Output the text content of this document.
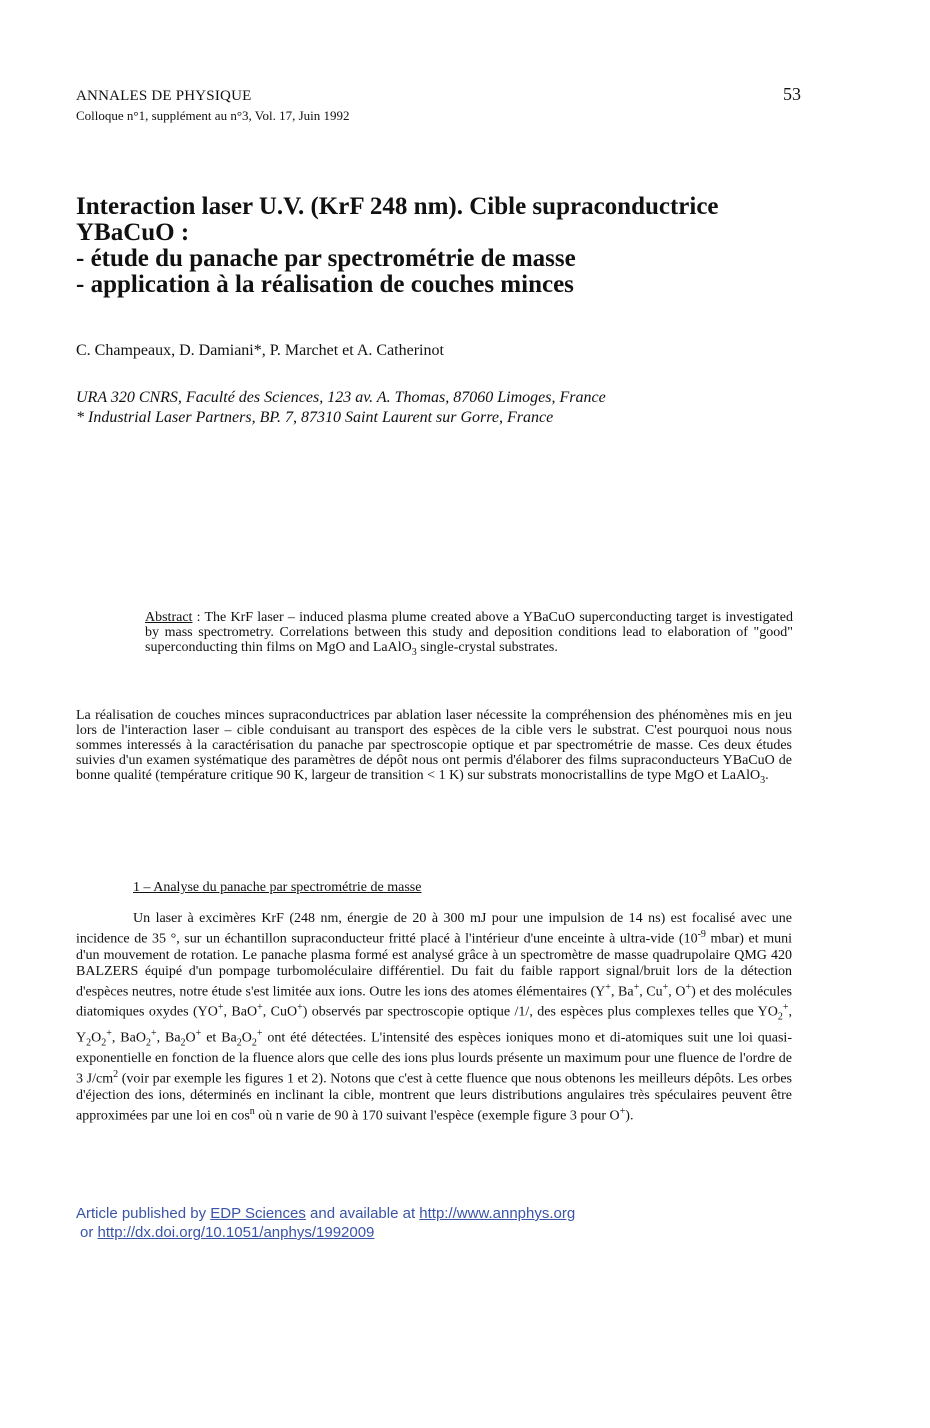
ANNALES DE PHYSIQUE
Colloque n°1, supplément au n°3, Vol. 17, Juin 1992
53
Interaction laser U.V. (KrF 248 nm). Cible supraconductrice
YBaCuO :
- étude du panache par spectrométrie de masse
- application à la réalisation de couches minces
C. Champeaux, D. Damiani*, P. Marchet et A. Catherinot
URA 320 CNRS, Faculté des Sciences, 123 av. A. Thomas, 87060 Limoges, France
* Industrial Laser Partners, BP. 7, 87310 Saint Laurent sur Gorre, France
Abstract : The KrF laser – induced plasma plume created above a YBaCuO superconducting target is investigated by mass spectrometry. Correlations between this study and deposition conditions lead to elaboration of "good" superconducting thin films on MgO and LaAlO$_3$ single-crystal substrates.
La réalisation de couches minces supraconductrices par ablation laser nécessite la compréhension des phénomènes mis en jeu lors de l'interaction laser – cible conduisant au transport des espèces de la cible vers le substrat. C'est pourquoi nous nous sommes interessés à la caractérisation du panache par spectroscopie optique et par spectrométrie de masse. Ces deux études suivies d'un examen systématique des paramètres de dépôt nous ont permis d'élaborer des films supraconducteurs YBaCuO de bonne qualité (température critique 90 K, largeur de transition < 1 K) sur substrats monocristallins de type MgO et LaAlO$_3$.
1 – Analyse du panache par spectrométrie de masse
Un laser à excimères KrF (248 nm, énergie de 20 à 300 mJ pour une impulsion de 14 ns) est focalisé avec une incidence de 35 °, sur un échantillon supraconducteur fritté placé à l'intérieur d'une enceinte à ultra-vide ($10^{-9}$ mbar) et muni d'un mouvement de rotation. Le panache plasma formé est analysé grâce à un spectromètre de masse quadrupolaire QMG 420 BALZERS équipé d'un pompage turbomoléculaire différentiel. Du fait du faible rapport signal/bruit lors de la détection d'espèces neutres, notre étude s'est limitée aux ions. Outre les ions des atomes élémentaires (Y+, Ba+, Cu+, O+) et des molécules diatomiques oxydes (YO+, BaO+, CuO+) observés par spectroscopie optique /1/, des espèces plus complexes telles que $YO_2^+$, $Y_2O_2^+$, BaO$_2$+, $Ba_2O^+$ et $Ba_2O_2^+$ ont été détectées. L'intensité des espèces ioniques mono et di-atomiques suit une loi quasi-exponentielle en fonction de la fluence alors que celle des ions plus lourds présente un maximum pour une fluence de l'ordre de 3 $J/cm^2$ (voir par exemple les figures 1 et 2). Notons que c'est à cette fluence que nous obtenons les meilleurs dépôts. Les orbes d'éjection des ions, déterminés en inclinant la cible, montrent que leurs distributions angulaires très spéculaires peuvent être approximées par une loi en $\cos^n$ où n varie de 90 à 170 suivant l'espèce (exemple figure 3 pour O+).
Article published by EDP Sciences and available at http://www.annphys.org
or http://dx.doi.org/10.1051/anphys/1992009
